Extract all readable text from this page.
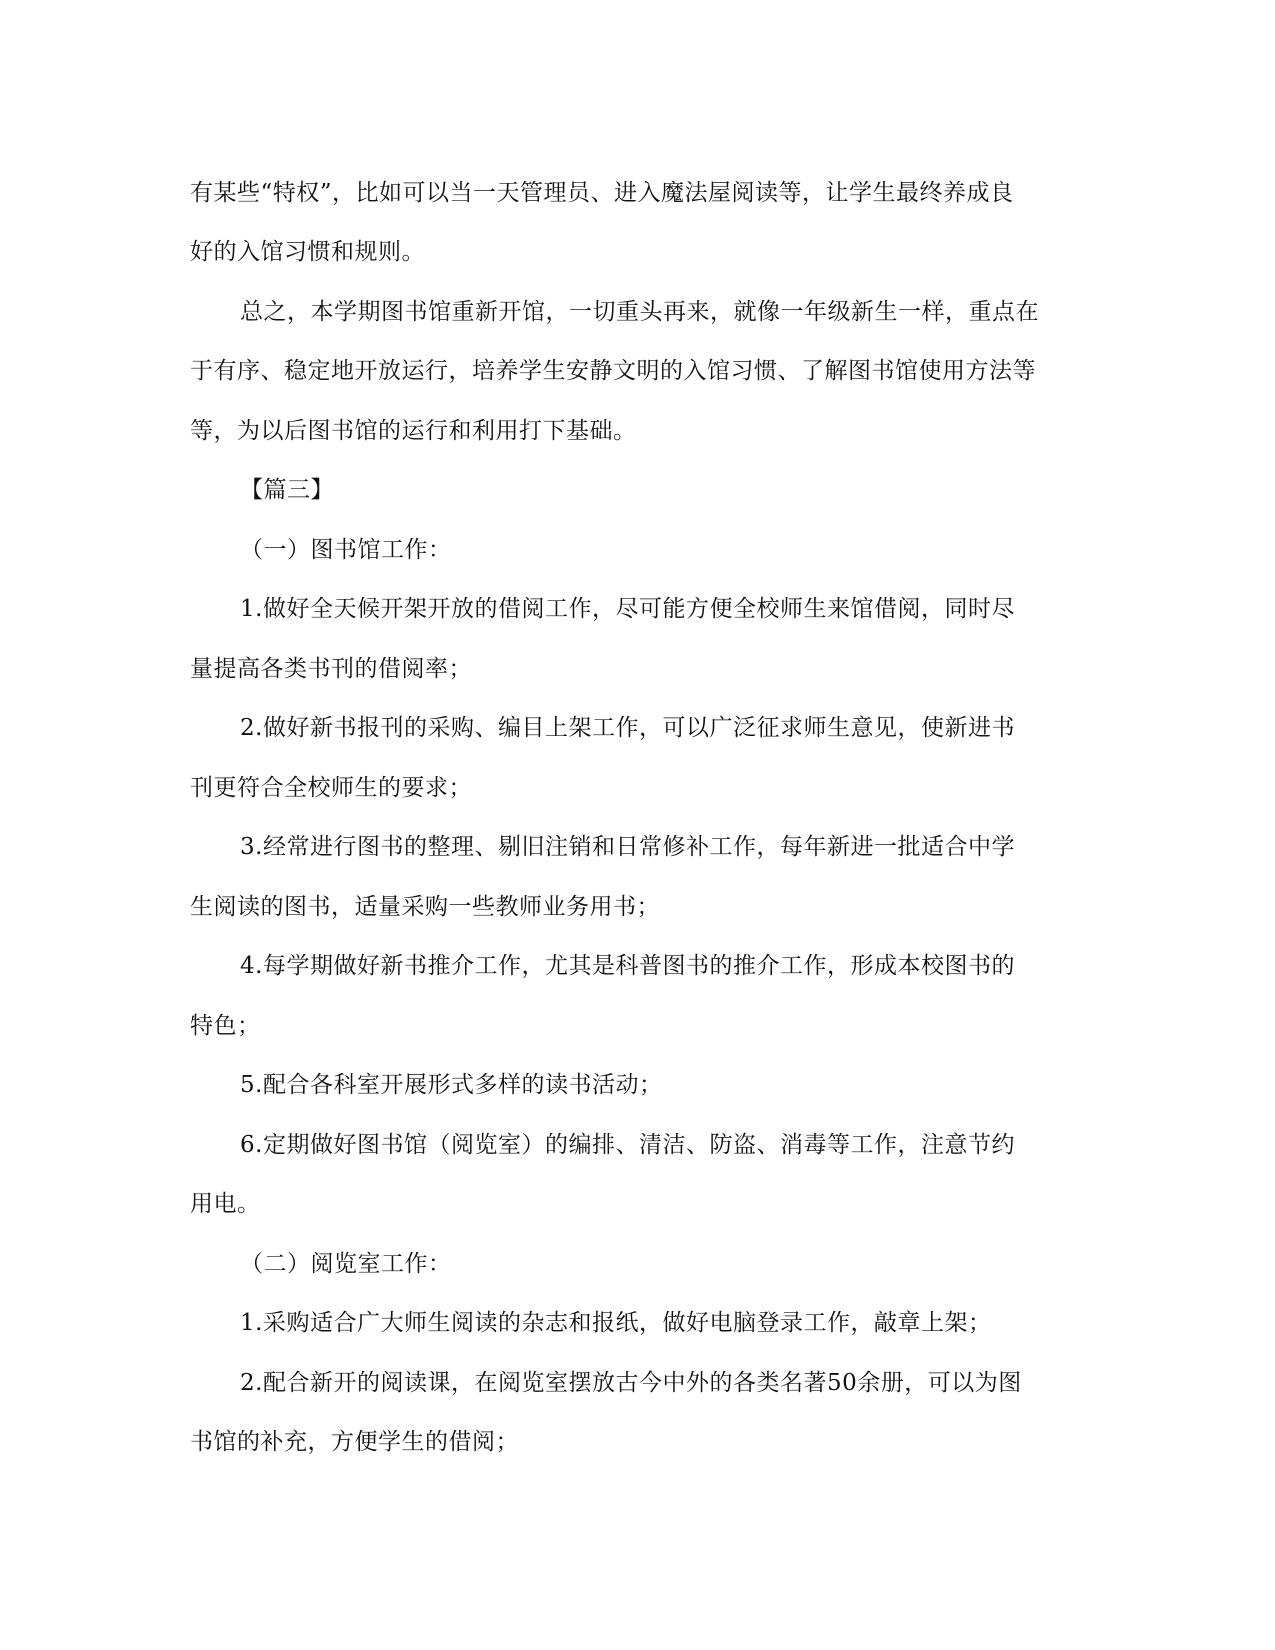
有某些“特权”，比如可以当一天管理员、进入魔法屋阅读等，让学生最终养成良

好的入馆习惯和规则。

总之，本学期图书馆重新开馆，一切重头再来，就像一年级新生一样，重点在

于有序、稳定地开放运行，培养学生安静文明的入馆习惯、了解图书馆使用方法等

等，为以后图书馆的运行和利用打下基础。

【篇三】

（一）图书馆工作：

1.做好全天候开架开放的借阅工作，尽可能方便全校师生来馆借阅，同时尽

量提高各类书刊的借阅率；

2.做好新书报刊的采购、编目上架工作，可以广泛征求师生意见，使新进书

刊更符合全校师生的要求；

3.经常进行图书的整理、剔旧注销和日常修补工作，每年新进一批适合中学

生阅读的图书，适量采购一些教师业务用书；

4.每学期做好新书推介工作，尤其是科普图书的推介工作，形成本校图书的

特色；

5.配合各科室开展形式多样的读书活动；

6.定期做好图书馆（阅览室）的编排、清洁、防盗、消毒等工作，注意节约

用电。

（二）阅览室工作：

1.采购适合广大师生阅读的杂志和报纸，做好电脑登录工作，敲章上架；

2.配合新开的阅读课，在阅览室摆放古今中外的各类名著50余册，可以为图

书馆的补充，方便学生的借阅；
